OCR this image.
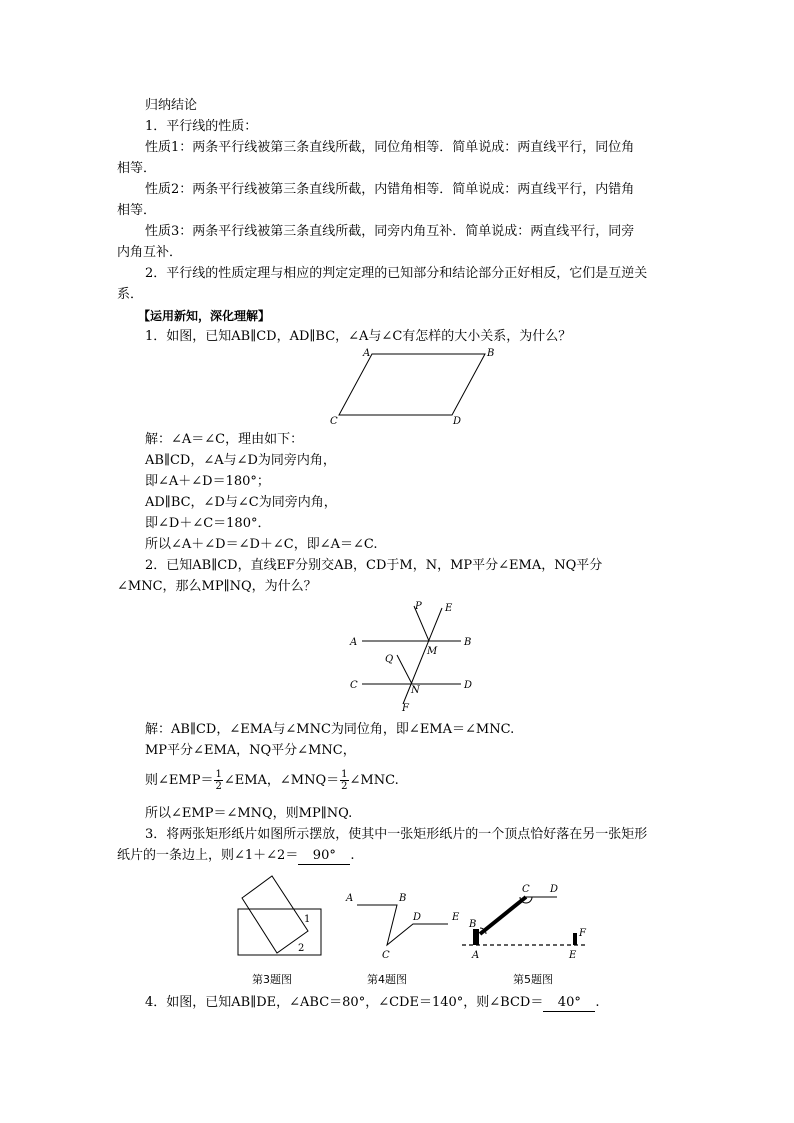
归纳结论
1．平行线的性质：
性质1：两条平行线被第三条直线所截，同位角相等．简单说成：两直线平行，同位角
相等．
性质2：两条平行线被第三条直线所截，内错角相等．简单说成：两直线平行，内错角
相等．
性质3：两条平行线被第三条直线所截，同旁内角互补．简单说成：两直线平行，同旁
内角互补．
2．平行线的性质定理与相应的判定定理的已知部分和结论部分正好相反，它们是互逆关
系．
【运用新知，深化理解】
1．如图，已知AB∥CD，AD∥BC，∠A与∠C有怎样的大小关系，为什么？
A	B
C	D
解：∠A＝∠C，理由如下：
AB∥CD，∠A与∠D为同旁内角，
即∠A＋∠D＝180°；
AD∥BC，∠D与∠C为同旁内角，
即∠D＋∠C＝180°．
所以∠A＋∠D＝∠D＋∠C，即∠A＝∠C.
2．已知AB∥CD，直线EF分别交AB，CD于M，N，MP平分∠EMA，NQ平分
∠MNC，那么MP∥NQ，为什么？
P E
A	B
M
Q
C	N	D
F
解：AB∥CD，∠EMA与∠MNC为同位角，即∠EMA＝∠MNC.
MP平分∠EMA，NQ平分∠MNC，
则∠EMP＝ $\frac{1}{2}$ ∠EMA，∠MNQ＝ $\frac{1}{2}$ ∠MNC.
所以∠EMP＝∠MNQ，则MP∥NQ.
3．将两张矩形纸片如图所示摆放，使其中一张矩形纸片的一个顶点恰好落在另一张矩形
纸片的一条边上，则∠1＋∠2＝ 90° .
1
2
第3题图
A	B
D	E
C
第4题图
C D
B
A	E
F
第5题图
4．如图，已知AB∥DE，∠ABC＝80°，∠CDE＝140°，则∠BCD＝ 40° .
